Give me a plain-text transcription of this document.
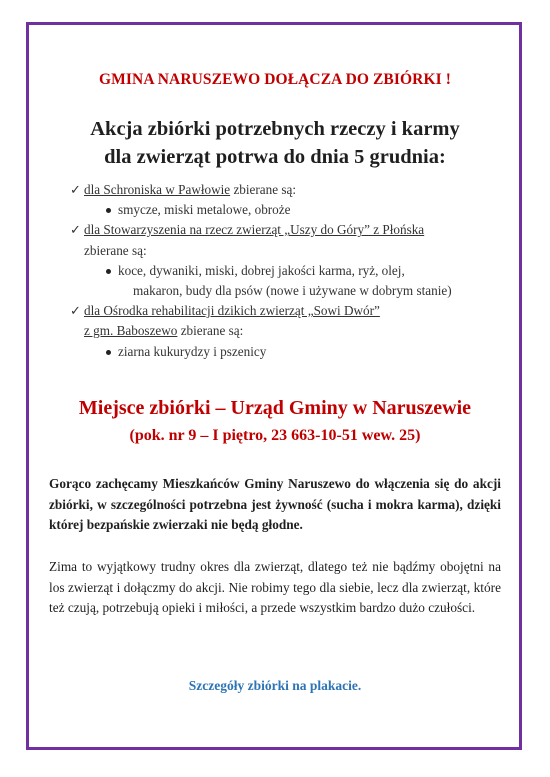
GMINA NARUSZEWO DOŁĄCZA DO ZBIÓRKI !
Akcja zbiórki potrzebnych rzeczy i karmy
dla zwierząt potrwa do dnia 5 grudnia:
✓ dla Schroniska w Pawłowie zbierane są:
smycze, miski metalowe, obroże
✓ dla Stowarzyszenia na rzecz zwierząt „Uszy do Góry” z Płońska
zbierane są:
koce, dywaniki, miski, dobrej jakości karma, ryż, olej,
makaron, budy dla psów (nowe i używane w dobrym stanie)
✓ dla Ośrodka rehabilitacji dzikich zwierząt „Sowi Dwór”
z gm. Baboszewo zbierane są:
ziarna kukurydzy i pszenicy
Miejsce zbiórki – Urząd Gminy w Naruszewie
(pok. nr 9 – I piętro, 23 663-10-51 wew. 25)
Gorąco zachęcamy Mieszkańców Gminy Naruszewo do włączenia się do akcji zbiórki, w szczególności potrzebna jest żywność (sucha i mokra karma), dzięki której bezpańskie zwierzaki nie będą głodne.
Zima to wyjątkowy trudny okres dla zwierząt, dlatego też nie bądźmy obojętni na los zwierząt i dołączmy do akcji. Nie robimy tego dla siebie, lecz dla zwierząt, które też czują, potrzebują opieki i miłości, a przede wszystkim bardzo dużo czułości.
Szczegóły zbiórki na plakacie.
